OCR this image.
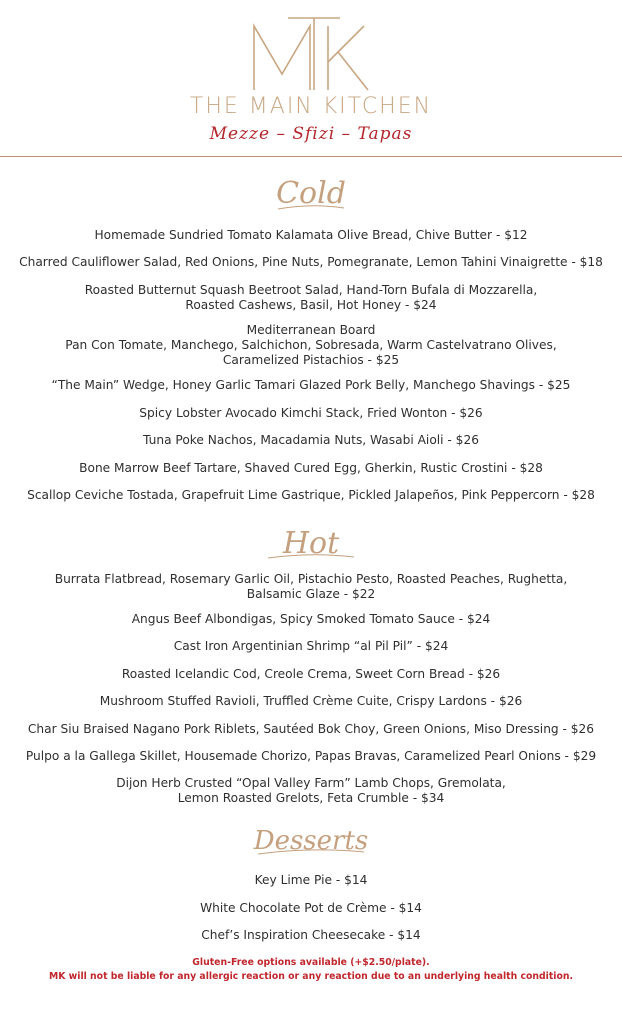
THE MAIN KITCHEN
Mezze – Sfizi – Tapas
Cold
Homemade Sundried Tomato Kalamata Olive Bread, Chive Butter - $12
Charred Cauliflower Salad, Red Onions, Pine Nuts, Pomegranate, Lemon Tahini Vinaigrette - $18
Roasted Butternut Squash Beetroot Salad, Hand-Torn Bufala di Mozzarella,
Roasted Cashews, Basil, Hot Honey - $24
Mediterranean Board
Pan Con Tomate, Manchego, Salchichon, Sobresada, Warm Castelvatrano Olives,
Caramelized Pistachios - $25
“The Main” Wedge, Honey Garlic Tamari Glazed Pork Belly, Manchego Shavings - $25
Spicy Lobster Avocado Kimchi Stack, Fried Wonton - $26
Tuna Poke Nachos, Macadamia Nuts, Wasabi Aioli - $26
Bone Marrow Beef Tartare, Shaved Cured Egg, Gherkin, Rustic Crostini - $28
Scallop Ceviche Tostada, Grapefruit Lime Gastrique, Pickled Jalapeños, Pink Peppercorn - $28
Hot
Burrata Flatbread, Rosemary Garlic Oil, Pistachio Pesto, Roasted Peaches, Rughetta,
Balsamic Glaze - $22
Angus Beef Albondigas, Spicy Smoked Tomato Sauce - $24
Cast Iron Argentinian Shrimp “al Pil Pil” - $24
Roasted Icelandic Cod, Creole Crema, Sweet Corn Bread - $26
Mushroom Stuffed Ravioli, Truffled Crème Cuite, Crispy Lardons - $26
Char Siu Braised Nagano Pork Riblets, Sautéed Bok Choy, Green Onions, Miso Dressing - $26
Pulpo a la Gallega Skillet, Housemade Chorizo, Papas Bravas, Caramelized Pearl Onions - $29
Dijon Herb Crusted “Opal Valley Farm” Lamb Chops, Gremolata,
Lemon Roasted Grelots, Feta Crumble - $34
Desserts
Key Lime Pie - $14
White Chocolate Pot de Crème - $14
Chef’s Inspiration Cheesecake - $14
Gluten-Free options available (+$2.50/plate).
MK will not be liable for any allergic reaction or any reaction due to an underlying health condition.
